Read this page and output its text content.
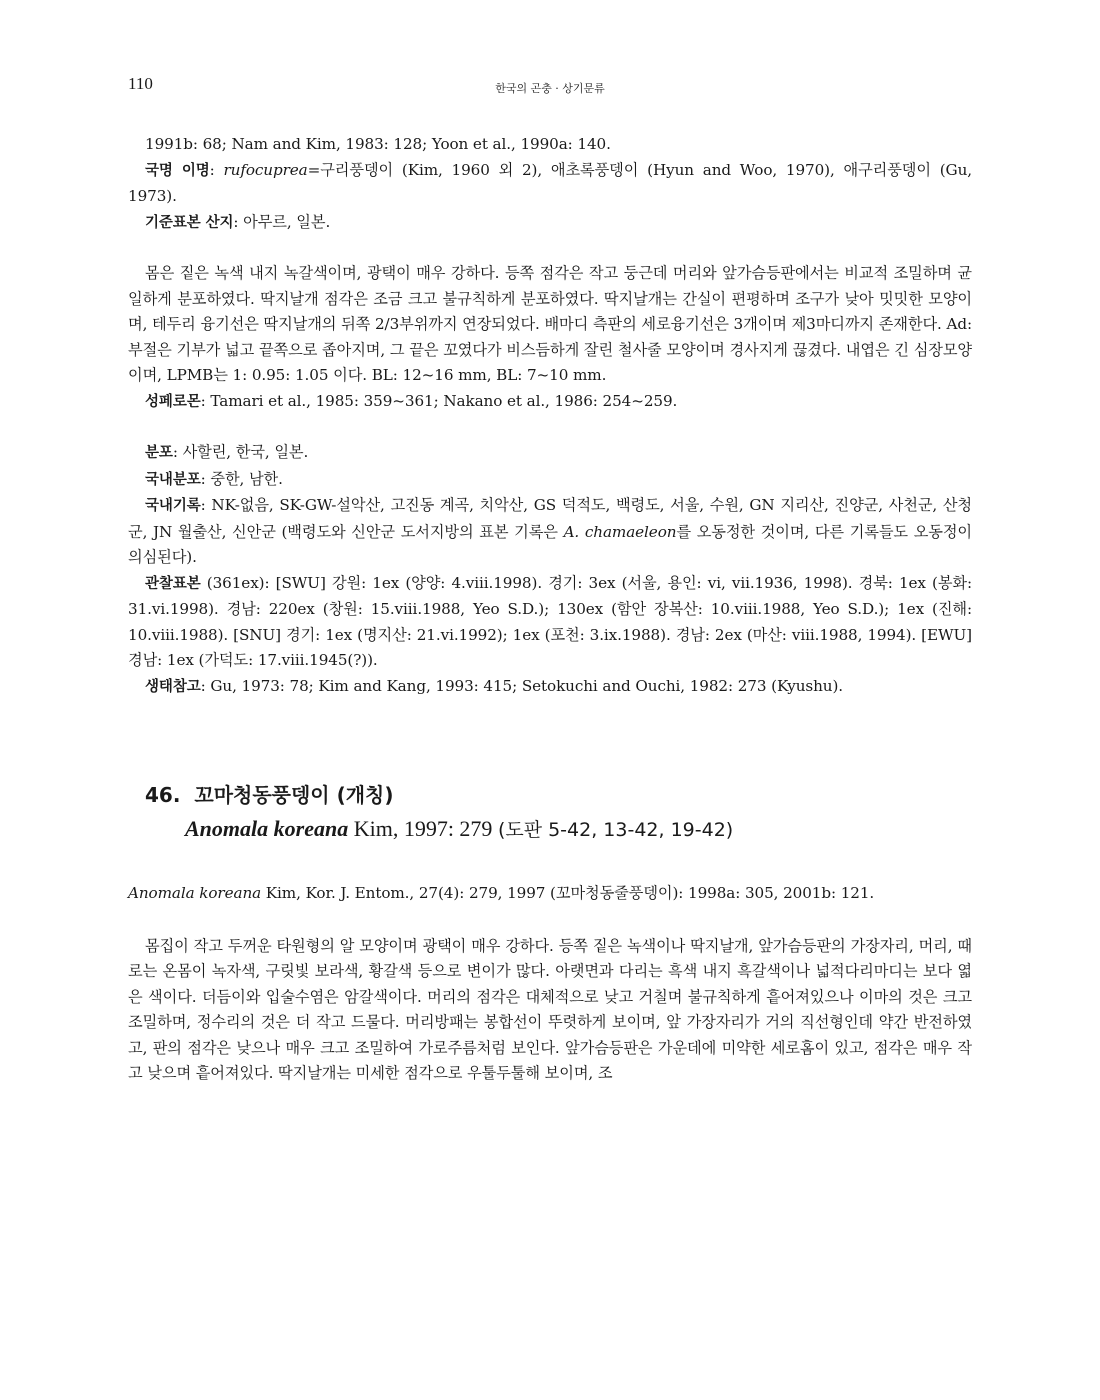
110	한국의 곤충 · 상기문류

1991b: 68; Nam and Kim, 1983: 128; Yoon et al., 1990a: 140.

국명 이명: rufocuprea=구리풍뎅이 (Kim, 1960 외 2), 애초록풍뎅이 (Hyun and Woo, 1970), 애구리풍뎅이 (Gu, 1973).

기준표본 산지: 아무르, 일본.

몸은 짙은 녹색 내지 녹갈색이며, 광택이 매우 강하다. 등쪽 점각은 작고 둥근데 머리와 앞가슴등판에서는 비교적 조밀하며 균일하게 분포하였다. 딱지날개 점각은 조금 크고 불규칙하게 분포하였다. 딱지날개는 간실이 편평하며 조구가 낮아 밋밋한 모양이며, 테두리 융기선은 딱지날개의 뒤쪽 2/3부위까지 연장되었다. 배마디 측판의 세로융기선은 3개이며 제3마디까지 존재한다. Ad: 부절은 기부가 넓고 끝쪽으로 좁아지며, 그 끝은 꼬였다가 비스듬하게 잘린 철사줄 모양이며 경사지게 끊겼다. 내엽은 긴 심장모양이며, LPMB는 1: 0.95: 1.05 이다. BL: 12~16 mm, BL: 7~10 mm.

성페로몬: Tamari et al., 1985: 359~361; Nakano et al., 1986: 254~259.

분포: 사할린, 한국, 일본.

국내분포: 중한, 남한.

국내기록: NK-없음, SK-GW-설악산, 고진동 계곡, 치악산, GS 덕적도, 백령도, 서울, 수원, GN 지리산, 진양군, 사천군, 산청군, JN 월출산, 신안군 (백령도와 신안군 도서지방의 표본 기록은 A. chamaeleon를 오동정한 것이며, 다른 기록들도 오동정이 의심된다).

관찰표본 (361ex): [SWU] 강원: 1ex (양양: 4.viii.1998). 경기: 3ex (서울, 용인: vi, vii.1936, 1998). 경북: 1ex (봉화: 31.vi.1998). 경남: 220ex (창원: 15.viii.1988, Yeo S.D.); 130ex (함안 장복산: 10.viii.1988, Yeo S.D.); 1ex (진해: 10.viii.1988). [SNU] 경기: 1ex (명지산: 21.vi.1992); 1ex (포천: 3.ix.1988). 경남: 2ex (마산: viii.1988, 1994). [EWU] 경남: 1ex (가덕도: 17.viii.1945(?)).

생태참고: Gu, 1973: 78; Kim and Kang, 1993: 415; Setokuchi and Ouchi, 1982: 273 (Kyushu).

46. 꼬마청동풍뎅이 (개칭)
Anomala koreana Kim, 1997: 279 (도판 5-42, 13-42, 19-42)

Anomala koreana Kim, Kor. J. Entom., 27(4): 279, 1997 (꼬마청동줄풍뎅이): 1998a: 305, 2001b: 121.

몸집이 작고 두꺼운 타원형의 알 모양이며 광택이 매우 강하다. 등쪽 짙은 녹색이나 딱지날개, 앞가슴등판의 가장자리, 머리, 때로는 온몸이 녹자색, 구릿빛 보라색, 황갈색 등으로 변이가 많다. 아랫면과 다리는 흑색 내지 흑갈색이나 넓적다리마디는 보다 엷은 색이다. 더듬이와 입술수염은 암갈색이다. 머리의 점각은 대체적으로 낮고 거칠며 불규칙하게 흩어져있으나 이마의 것은 크고 조밀하며, 정수리의 것은 더 작고 드물다. 머리방패는 봉합선이 뚜렷하게 보이며, 앞 가장자리가 거의 직선형인데 약간 반전하였고, 판의 점각은 낮으나 매우 크고 조밀하여 가로주름처럼 보인다. 앞가슴등판은 가운데에 미약한 세로홈이 있고, 점각은 매우 작고 낮으며 흩어져있다. 딱지날개는 미세한 점각으로 우툴두툴해 보이며, 조
